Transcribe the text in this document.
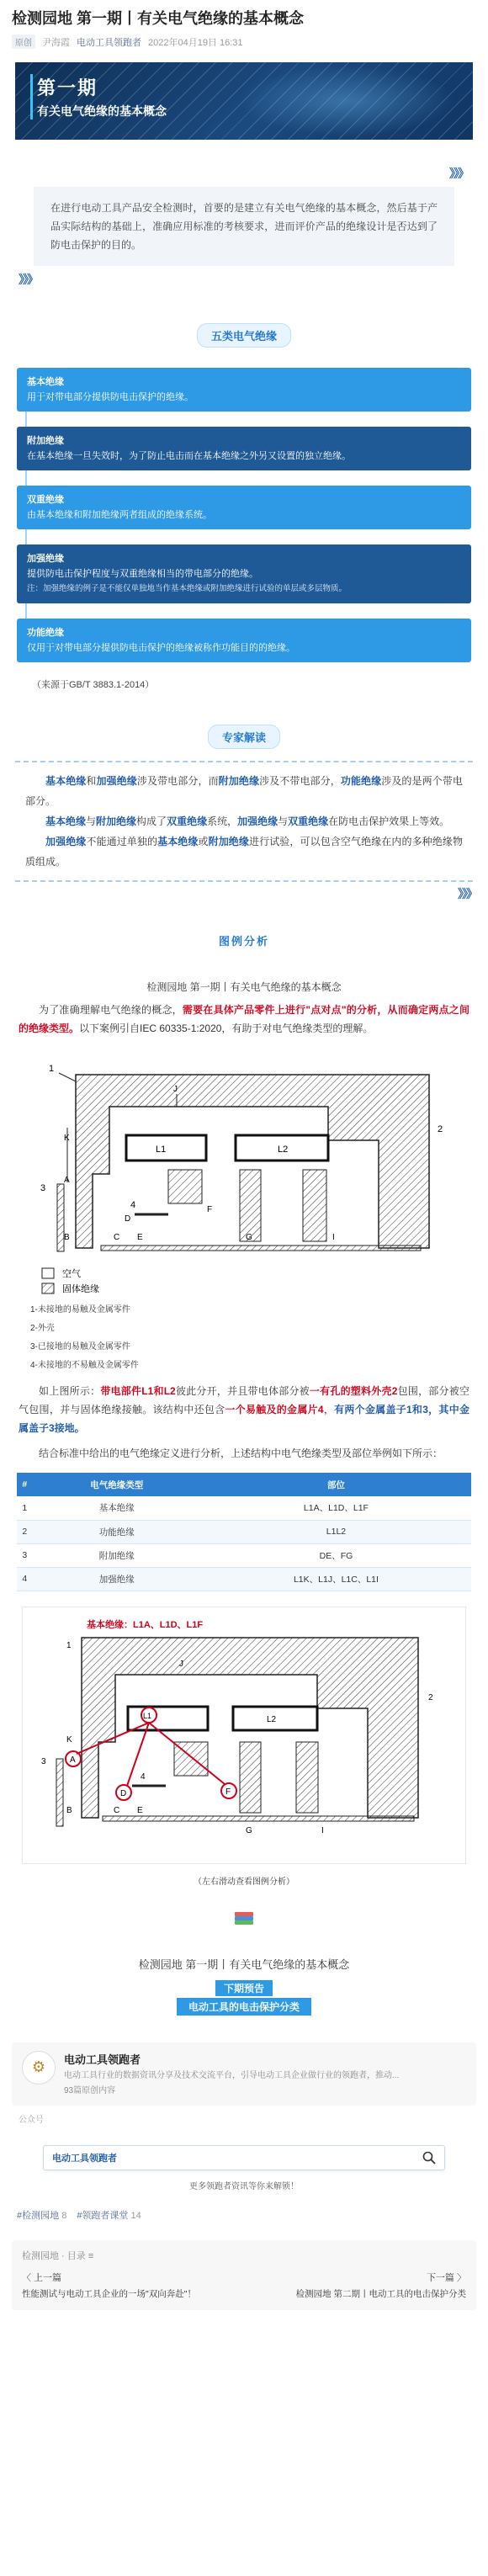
检测园地 第一期丨有关电气绝缘的基本概念
原创	尹海霞 电动工具领跑者 2022年04月19日 16:31
第一期
有关电气绝缘的基本概念
》》》
在进行电动工具产品安全检测时，首要的是建立有关电气绝缘的基本概念，然后基于产品实际结构的基础上，准确应用标准的考核要求，进而评价产品的绝缘设计是否达到了防电击保护的目的。
》》》
五类电气绝缘
基本绝缘
用于对带电部分提供防电击保护的绝缘。
附加绝缘
在基本绝缘一旦失效时，为了防止电击而在基本绝缘之外另又设置的独立绝缘。
双重绝缘
由基本绝缘和附加绝缘两者组成的绝缘系统。
加强绝缘
提供防电击保护程度与双重绝缘相当的带电部分的绝缘。
注：加强绝缘的例子是不能仅单独地当作基本绝缘或附加绝缘进行试验的单层或多层物质。
功能绝缘
仅用于对带电部分提供防电击保护的绝缘被称作功能目的的绝缘。
（来源于GB/T 3883.1-2014）
专家解读

基本绝缘和加强绝缘涉及带电部分，而附加绝缘涉及不带电部分，功能绝缘涉及的是两个带电部分。

基本绝缘与附加绝缘构成了双重绝缘系统，加强绝缘与双重绝缘在防电击保护效果上等效。

加强绝缘不能通过单独的基本绝缘或附加绝缘进行试验，可以包含空气绝缘在内的多种绝缘物质组成。

》》》
图例分析
检测园地 第一期丨有关电气绝缘的基本概念
为了准确理解电气绝缘的概念，需要在具体产品零件上进行"点对点"的分析，从而确定两点之间的绝缘类型。以下案例引自IEC 60335-1:2020，有助于对电气绝缘类型的理解。
1
2
3
4
J
L1	L2
K
A
D
F
C E	G	I
B
空气
固体绝缘
1-未接地的易触及金属零件
2-外壳
3-已接地的易触及金属零件
4-未接地的不易触及金属零件
如上图所示：带电部件L1和L2彼此分开，并且带电体部分被一有孔的塑料外壳2包围，部分被空气包围，并与固体绝缘接触。该结构中还包含一个易触及的金属片4，有两个金属盖子1和3，其中金属盖子3接地。
结合标准中给出的电气绝缘定义进行分析，上述结构中电气绝缘类型及部位举例如下所示：
#	电气绝缘类型	部位
1	基本绝缘	L1A、L1D、L1F
2	功能绝缘	L1L2
3	附加绝缘	DE、FG
4	加强绝缘	L1K、L1J、L1C、L1I
基本绝缘：L1A、L1D、L1F
L1	L2
1
2
3
4
J
K
A
D	F
C E
G	I
B
（左右滑动查看图例分析）
检测园地 第一期丨有关电气绝缘的基本概念
下期预告
电动工具的电击保护分类
⚙	电动工具领跑者
电动工具行业的数据资讯分享及技术交流平台，引导电动工具企业做行业的领跑者，推动...
93篇原创内容
公众号
电动工具领跑者
更多领跑者资讯等你来解锁！
#检测园地 8 #领跑者课堂 14
检测园地 · 目录 ≡
〈 上一篇	下一篇 〉
性能测试与电动工具企业的一场"双向奔赴"！	检测园地 第二期丨电动工具的电击保护分类
